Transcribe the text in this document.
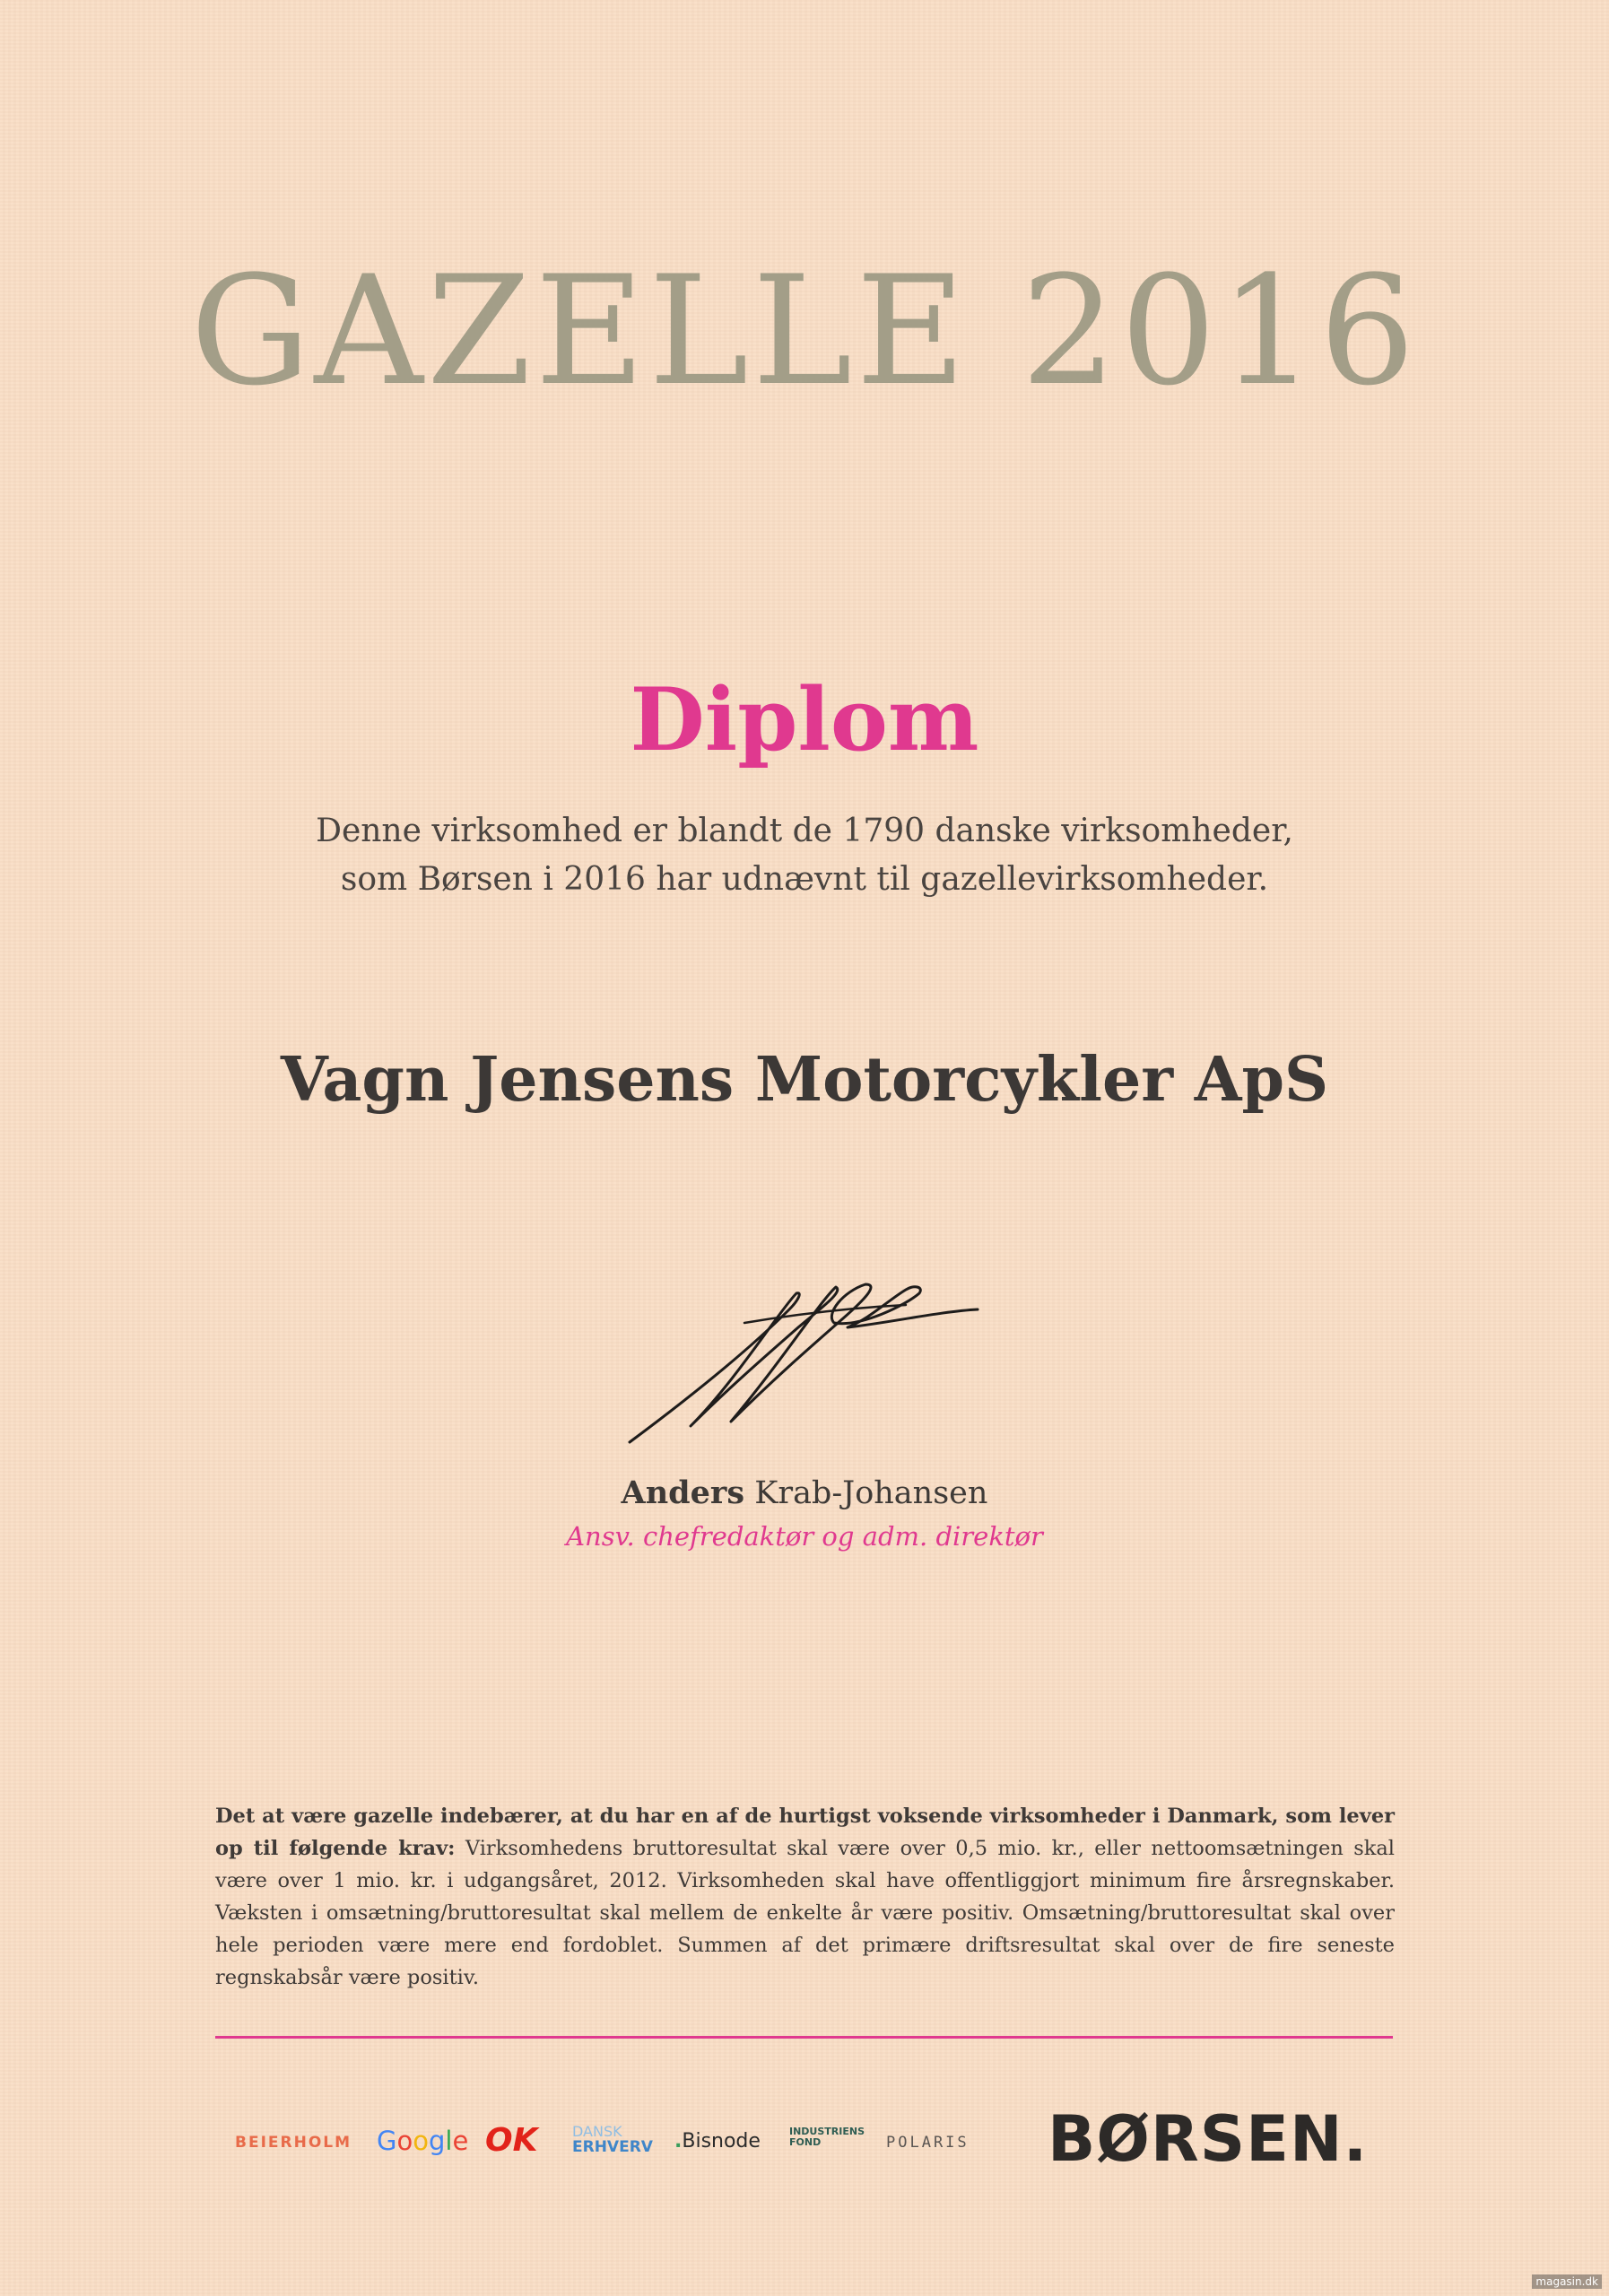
GAZELLE 2016
Diplom
Denne virksomhed er blandt de 1790 danske virksomheder,
som Børsen i 2016 har udnævnt til gazellevirksomheder.
Vagn Jensens Motorcykler ApS
Anders Krab-Johansen
Ansv. chefredaktør og adm. direktør
Det at være gazelle indebærer, at du har en af de hurtigst voksende virksomheder i Danmark, som lever op til følgende krav: Virksomhedens bruttoresultat skal være over 0,5 mio. kr., eller nettoomsætningen skal være over 1 mio. kr. i udgangsåret, 2012. Virksomheden skal have offentliggjort minimum fire årsregnskaber. Væksten i omsætning/bruttoresultat skal mellem de enkelte år være positiv. Omsætning/bruttoresultat skal over hele perioden være mere end fordoblet. Summen af det primære driftsresultat skal over de fire seneste regnskabsår være positiv.
BEIERHOLM Google OK DANSK
ERHVERV .Bisnode	INDUSTRIENS
FOND	POLARIS BØRSEN.
magasin.dk
